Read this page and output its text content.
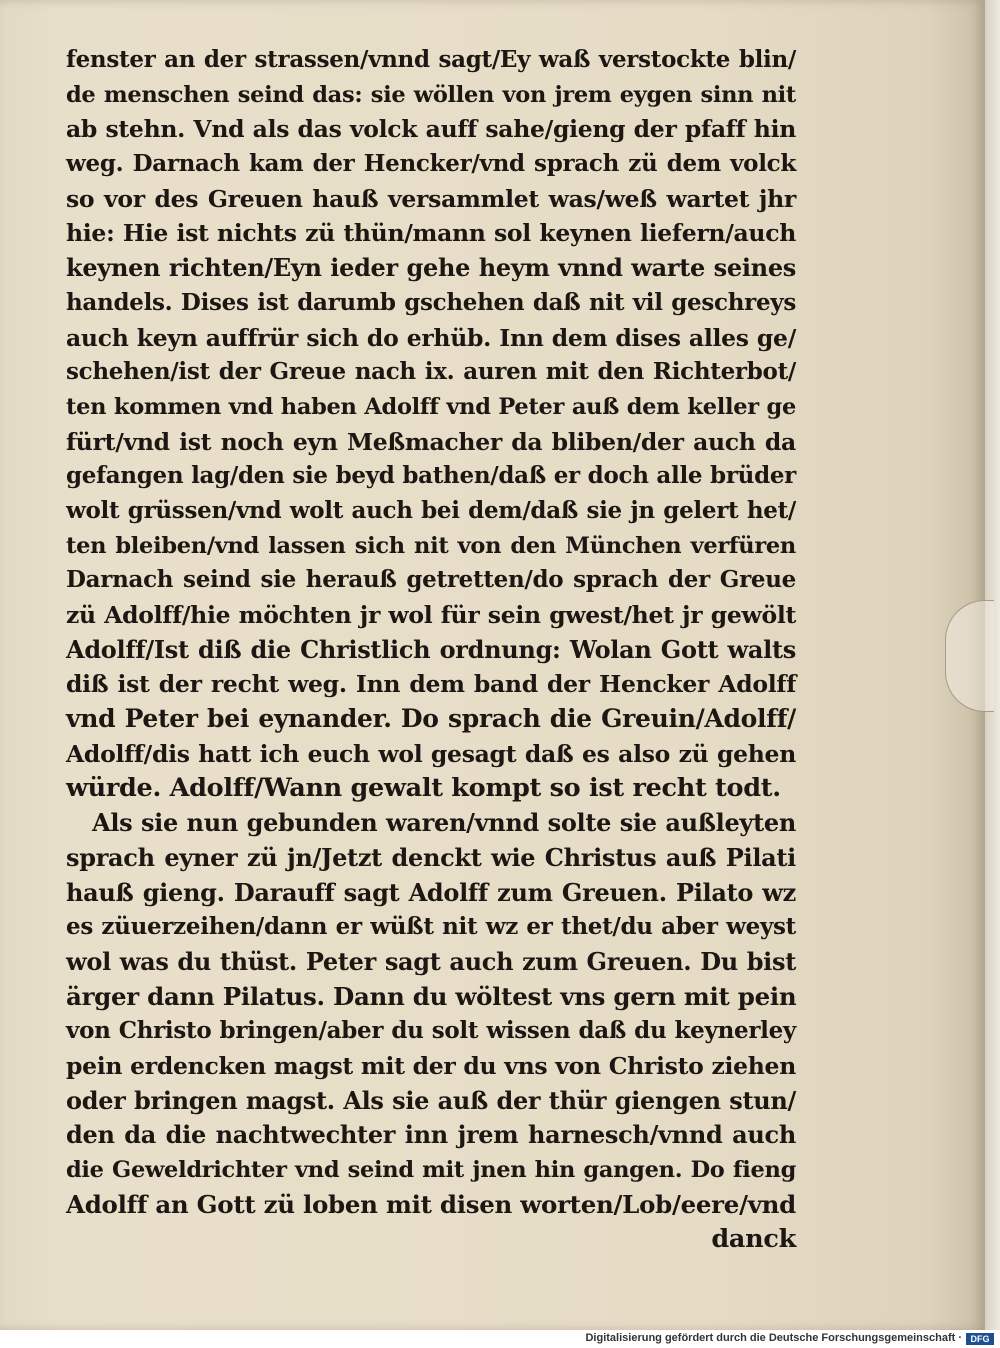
fenster an der strassen/vnnd sagt/Ey waß verstockte blin/
de menschen seind das: sie wöllen von jrem eygen sinn nit
ab stehn. Vnd als das volck auff sahe/gieng der pfaff hin
weg. Darnach kam der Hencker/vnd sprach zü dem volck
so vor des Greuen hauß versammlet was/weß wartet jhr
hie: Hie ist nichts zü thün/mann sol keynen liefern/auch
keynen richten/Eyn ieder gehe heym vnnd warte seines
handels. Dises ist darumb gschehen daß nit vil geschreys
auch keyn auffrür sich do erhüb. Inn dem dises alles ge/
schehen/ist der Greue nach ix. auren mit den Richterbot/
ten kommen vnd haben Adolff vnd Peter auß dem keller ge
fürt/vnd ist noch eyn Meßmacher da bliben/der auch da
gefangen lag/den sie beyd bathen/daß er doch alle brüder
wolt grüssen/vnd wolt auch bei dem/daß sie jn gelert het/
ten bleiben/vnd lassen sich nit von den München verfüren
Darnach seind sie herauß getretten/do sprach der Greue
zü Adolff/hie möchten jr wol für sein gwest/het jr gewölt
Adolff/Ist diß die Christlich ordnung: Wolan Gott walts
diß ist der recht weg. Inn dem band der Hencker Adolff
vnd Peter bei eynander. Do sprach die Greuin/Adolff/
Adolff/dis hatt ich euch wol gesagt daß es also zü gehen
würde. Adolff/Wann gewalt kompt so ist recht todt.
Als sie nun gebunden waren/vnnd solte sie außleyten
sprach eyner zü jn/Jetzt denckt wie Christus auß Pilati
hauß gieng. Darauff sagt Adolff zum Greuen. Pilato wz
es züuerzeihen/dann er wüßt nit wz er thet/du aber weyst
wol was du thüst. Peter sagt auch zum Greuen. Du bist
ärger dann Pilatus. Dann du wöltest vns gern mit pein
von Christo bringen/aber du solt wissen daß du keynerley
pein erdencken magst mit der du vns von Christo ziehen
oder bringen magst. Als sie auß der thür giengen stun/
den da die nachtwechter inn jrem harnesch/vnnd auch
die Geweldrichter vnd seind mit jnen hin gangen. Do fieng
Adolff an Gott zü loben mit disen worten/Lob/eere/vnd
danck
Digitalisierung gefördert durch die Deutsche Forschungsgemeinschaft · DFG
